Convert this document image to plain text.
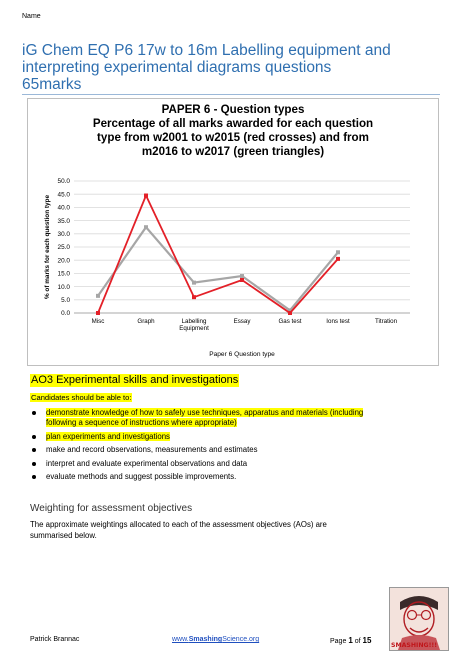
Name
iG Chem EQ P6 17w to 16m Labelling equipment and
interpreting experimental diagrams questions
65marks
PAPER 6 - Question types
Percentage of all marks awarded for each question
type from w2001 to w2015 (red crosses) and from
m2016 to w2017 (green triangles)
0.0
5.0
10.0
15.0
20.0
25.0
30.0
35.0
40.0
45.0
50.0
Misc	Graph	Labelling
Equipment
Essay	Gas test	Ions test	Titration
Paper 6 Question type
% of marks for each question type
AO3 Experimental skills and investigations
Candidates should be able to:
demonstrate knowledge of how to safely use techniques, apparatus and materials (including
following a sequence of instructions where appropriate)
plan experiments and investigations
make and record observations, measurements and estimates
interpret and evaluate experimental observations and data
evaluate methods and suggest possible improvements.
Weighting for assessment objectives
The approximate weightings allocated to each of the assessment objectives (AOs) are
summarised below.
SMASHING!!!
Patrick Brannac	www.SmashingScience.org	Page 1 of 15
